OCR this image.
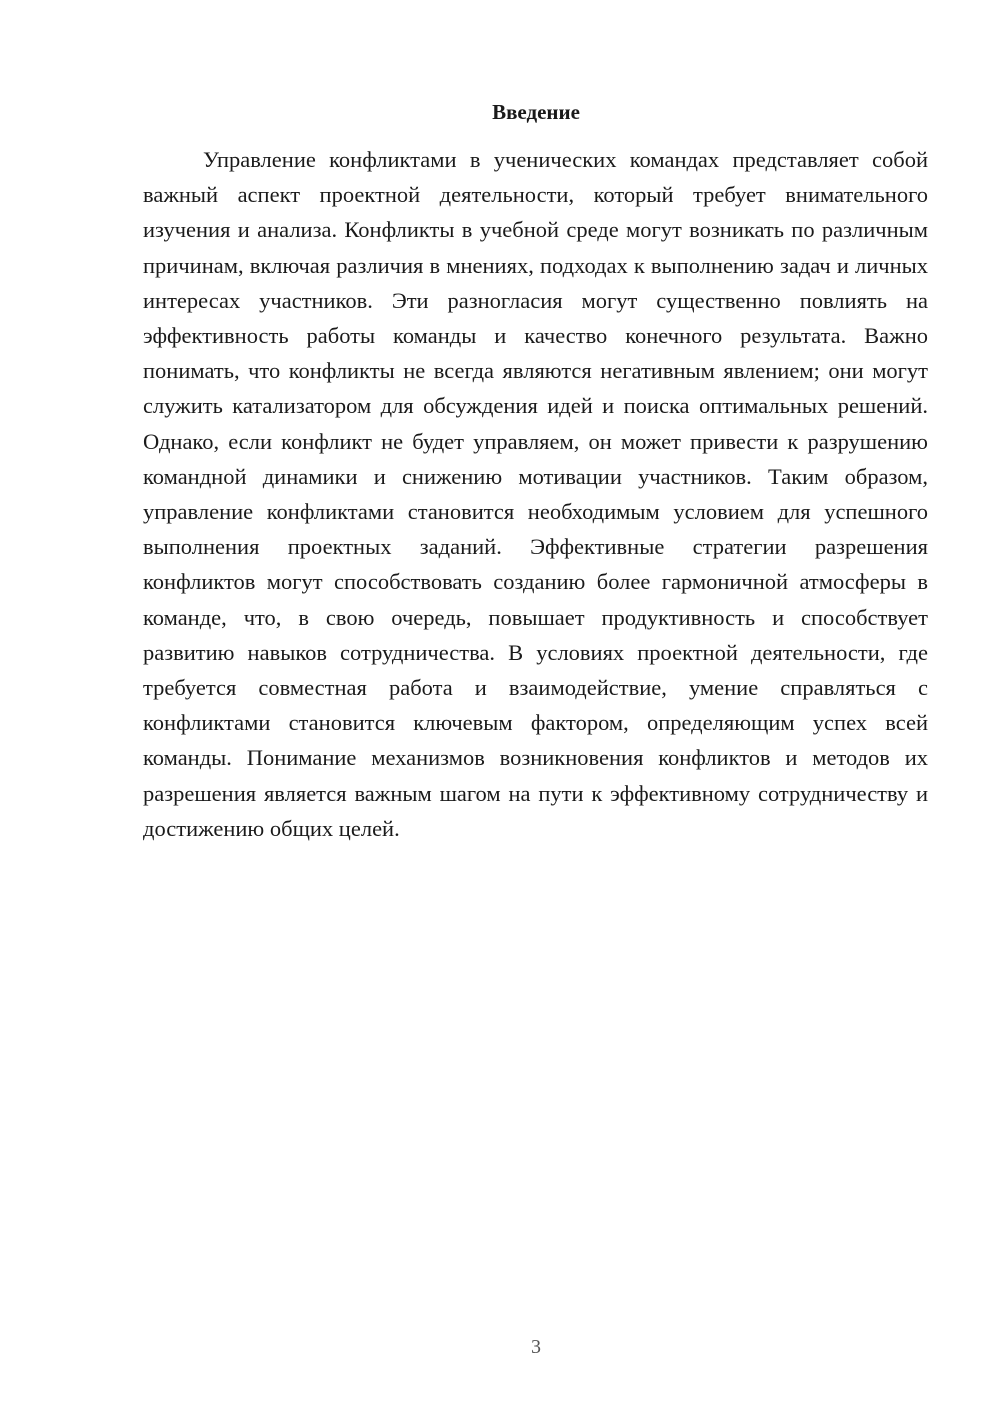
Введение

Управление конфликтами в ученических командах представляет собой важный аспект проектной деятельности, который требует внимательного изучения и анализа. Конфликты в учебной среде могут возникать по различным причинам, включая различия в мнениях, подходах к выполнению задач и личных интересах участников. Эти разногласия могут существенно повлиять на эффективность работы команды и качество конечного результата. Важно понимать, что конфликты не всегда являются негативным явлением; они могут служить катализатором для обсуждения идей и поиска оптимальных решений. Однако, если конфликт не будет управляем, он может привести к разрушению командной динамики и снижению мотивации участников. Таким образом, управление конфликтами становится необходимым условием для успешного выполнения проектных заданий. Эффективные стратегии разрешения конфликтов могут способствовать созданию более гармоничной атмосферы в команде, что, в свою очередь, повышает продуктивность и способствует развитию навыков сотрудничества. В условиях проектной деятельности, где требуется совместная работа и взаимодействие, умение справляться с конфликтами становится ключевым фактором, определяющим успех всей команды. Понимание механизмов возникновения конфликтов и методов их разрешения является важным шагом на пути к эффективному сотрудничеству и достижению общих целей.

3
